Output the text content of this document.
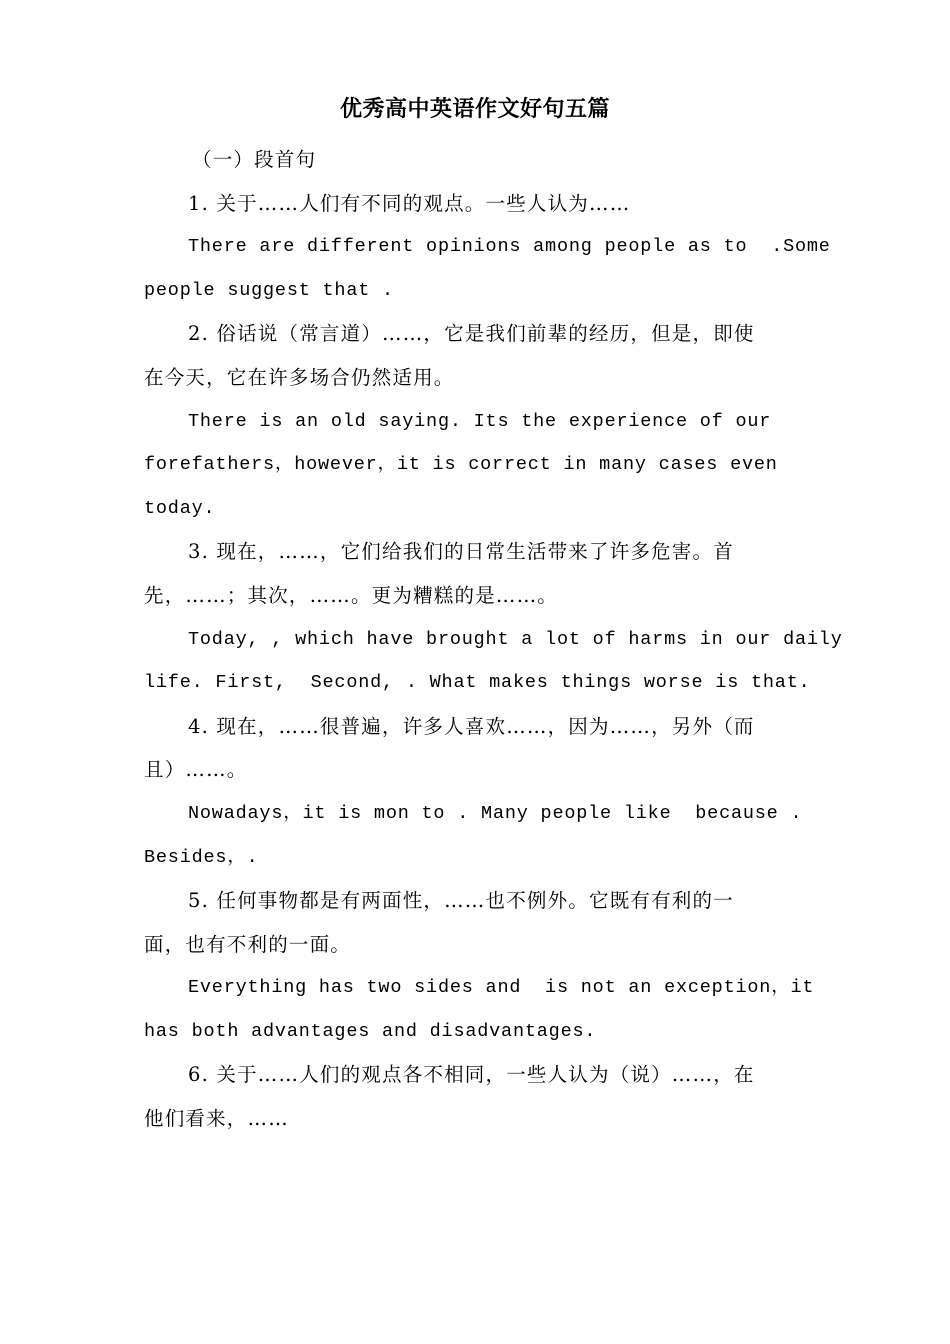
优秀高中英语作文好句五篇
（一）段首句
1. 关于……人们有不同的观点。一些人认为……
There are different opinions among people as to  .Some
people suggest that .
2. 俗话说（常言道）……，它是我们前辈的经历，但是，即使
在今天，它在许多场合仍然适用。
There is an old saying. Its the experience of our
forefathers，however，it is correct in many cases even
today.
3. 现在，……，它们给我们的日常生活带来了许多危害。首
先，……；其次，……。更为糟糕的是……。
Today, , which have brought a lot of harms in our daily
life. First,  Second, . What makes things worse is that.
4. 现在，……很普遍，许多人喜欢……，因为……，另外（而
且）……。
Nowadays，it is mon to . Many people like  because .
Besides，.
5. 任何事物都是有两面性，……也不例外。它既有有利的一
面，也有不利的一面。
Everything has two sides and  is not an exception，it
has both advantages and disadvantages.
6. 关于……人们的观点各不相同，一些人认为（说）……，在
他们看来，……
